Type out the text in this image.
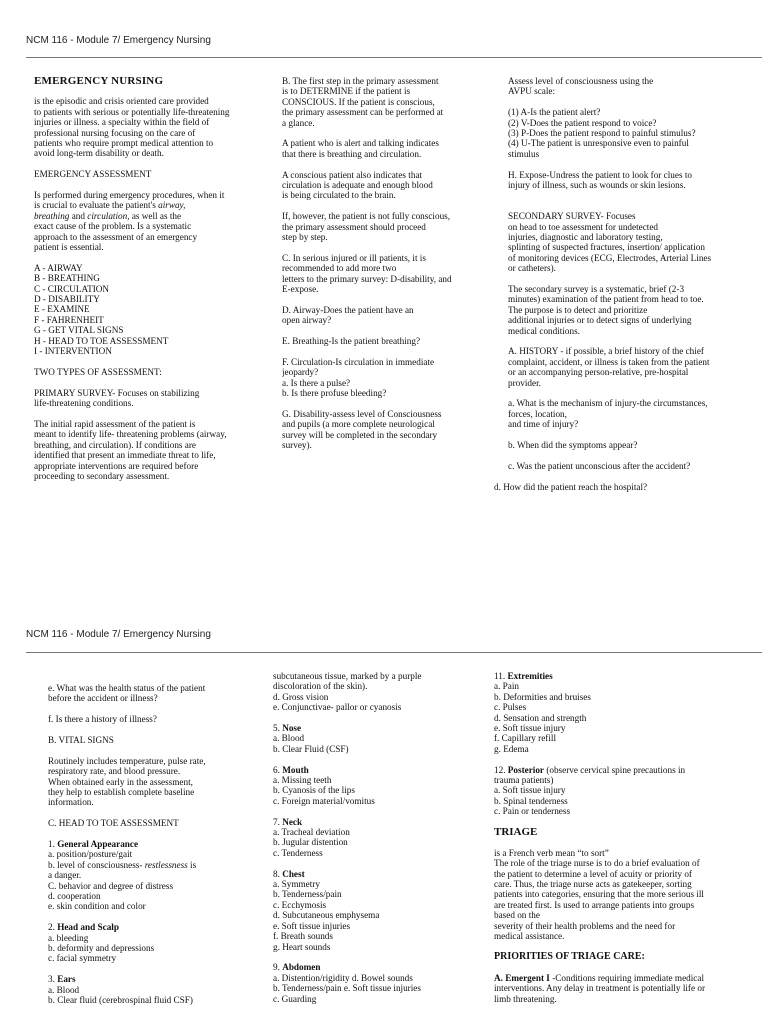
NCM 116 - Module 7/ Emergency Nursing

EMERGENCY NURSING

is the episodic and crisis oriented care provided
to patients with serious or potentially life-threatening
injuries or illness. a specialty within the field of
professional nursing focusing on the care of
patients who require prompt medical attention to
avoid long-term disability or death.

EMERGENCY ASSESSMENT

Is performed during emergency procedures, when it
is crucial to evaluate the patient's airway,
breathing and circulation, as well as the
exact cause of the problem. Is a systematic
approach to the assessment of an emergency
patient is essential.

A - AIRWAY

B - BREATHING

C - CIRCULATION

D - DISABILITY

E - EXAMINE

F - FAHRENHEIT

G - GET VITAL SIGNS

H - HEAD TO TOE ASSESSMENT

I - INTERVENTION

TWO TYPES OF ASSESSMENT:

PRIMARY SURVEY- Focuses on stabilizing
life-threatening conditions.

The initial rapid assessment of the patient is
meant to identify life- threatening problems (airway,
breathing, and circulation). If conditions are
identified that present an immediate threat to life,
appropriate interventions are required before
proceeding to secondary assessment.

B. The first step in the primary assessment
is to DETERMINE if the patient is
CONSCIOUS. If the patient is conscious,
the primary assessment can be performed at
a glance.

A patient who is alert and talking indicates
that there is breathing and circulation.

A conscious patient also indicates that
circulation is adequate and enough blood
is being circulated to the brain.

If, however, the patient is not fully conscious,
the primary assessment should proceed
step by step.

C. In serious injured or ill patients, it is
recommended to add more two
letters to the primary survey: D-disability, and
E-expose.

D. Airway-Does the patient have an
open airway?

E. Breathing-Is the patient breathing?

F. Circulation-Is circulation in immediate
jeopardy?
a. Is there a pulse?
b. Is there profuse bleeding?

G. Disability-assess level of Consciousness
and pupils (a more complete neurological
survey will be completed in the secondary
survey).

Assess level of consciousness using the
AVPU scale:

(1) A-Is the patient alert?
(2) V-Does the patient respond to voice?
(3) P-Does the patient respond to painful stimulus?
(4) U-The patient is unresponsive even to painful
stimulus

H. Expose-Undress the patient to look for clues to
injury of illness, such as wounds or skin lesions.

SECONDARY SURVEY- Focuses
on head to toe assessment for undetected
injuries, diagnostic and laboratory testing,
splinting of suspected fractures, insertion/ application
of monitoring devices (ECG, Electrodes, Arterial Lines
or catheters).

The secondary survey is a systematic, brief (2-3
minutes) examination of the patient from head to toe.
The purpose is to detect and prioritize
additional injuries or to detect signs of underlying
medical conditions.

A. HISTORY - if possible, a brief history of the chief
complaint, accident, or illness is taken from the patient
or an accompanying person-relative, pre-hospital
provider.

a. What is the mechanism of injury-the circumstances,
forces, location,
and time of injury?

b. When did the symptoms appear?

c. Was the patient unconscious after the accident?

d. How did the patient reach the hospital?

NCM 116 - Module 7/ Emergency Nursing

e. What was the health status of the patient
before the accident or illness?

f. Is there a history of illness?

B. VITAL SIGNS

Routinely includes temperature, pulse rate,
respiratory rate, and blood pressure.
When obtained early in the assessment,
they help to establish complete baseline
information.

C. HEAD TO TOE ASSESSMENT

1. General Appearance

a. position/posture/gait

b. level of consciousness- restlessness is
a danger.

C. behavior and degree of distress
d. cooperation
e. skin condition and color

2. Head and Scalp

a. bleeding
b. deformity and depressions
c. facial symmetry

3. Ears

a. Blood
b. Clear fluid (cerebrospinal fluid CSF)

subcutaneous tissue, marked by a purple
discoloration of the skin).
d. Gross vision
e. Conjunctivae- pallor or cyanosis

5. Nose

a. Blood
b. Clear Fluid (CSF)

6. Mouth

a. Missing teeth
b. Cyanosis of the lips
c. Foreign material/vomitus

7. Neck

a. Tracheal deviation
b. Jugular distention
c. Tenderness

8. Chest

a. Symmetry
b. Tenderness/pain
c. Ecchymosis
d. Subcutaneous emphysema
e. Soft tissue injuries
f. Breath sounds
g. Heart sounds

9. Abdomen

a. Distention/rigidity d. Bowel sounds
b. Tenderness/pain e. Soft tissue injuries
c. Guarding

11. Extremities

a. Pain
b. Deformities and bruises
c. Pulses
d. Sensation and strength
e. Soft tissue injury
f. Capillary refill
g. Edema

12. Posterior (observe cervical spine precautions in
trauma patients)

a. Soft tissue injury
b. Spinal tenderness
c. Pain or tenderness

TRIAGE

is a French verb mean “to sort”
The role of the triage nurse is to do a brief evaluation of
the patient to determine a level of acuity or priority of
care. Thus, the triage nurse acts as gatekeeper, sorting
patients into categories, ensuring that the more serious ill
are treated first. Is used to arrange patients into groups
based on the
severity of their health problems and the need for
medical assistance.

PRIORITIES OF TRIAGE CARE:

A. Emergent I -Conditions requiring immediate medical
interventions. Any delay in treatment is potentially life or
limb threatening.
